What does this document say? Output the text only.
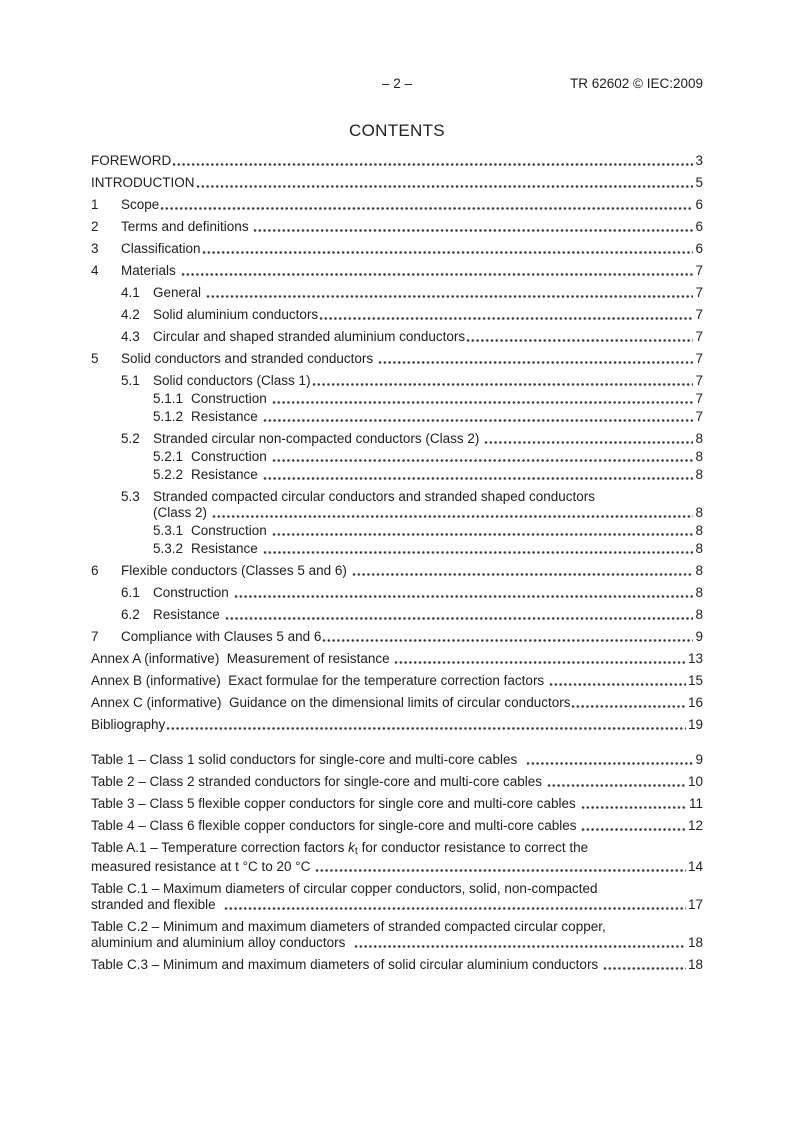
– 2 –	TR 62602 © IEC:2009
CONTENTS
FOREWORD	3
INTRODUCTION	5
1	Scope	6
2	Terms and definitions	6
3	Classification	6
4	Materials	7
4.1 General	7
4.2 Solid aluminium conductors	7
4.3 Circular and shaped stranded aluminium conductors	7
5	Solid conductors and stranded conductors	7
5.1 Solid conductors (Class 1)	7
5.1.1 Construction	7
5.1.2 Resistance	7
5.2 Stranded circular non-compacted conductors (Class 2)	8
5.2.1 Construction	8
5.2.2 Resistance	8
5.3 Stranded compacted circular conductors and stranded shaped conductors
(Class 2)	8
5.3.1 Construction	8
5.3.2 Resistance	8
6	Flexible conductors (Classes 5 and 6)	8
6.1 Construction	8
6.2 Resistance	8
7	Compliance with Clauses 5 and 6	9
Annex A (informative)  Measurement of resistance	13
Annex B (informative)  Exact formulae for the temperature correction factors	15
Annex C (informative)  Guidance on the dimensional limits of circular conductors	16
Bibliography	19
Table 1 – Class 1 solid conductors for single-core and multi-core cables	9
Table 2 – Class 2 stranded conductors for single-core and multi-core cables	10
Table 3 – Class 5 flexible copper conductors for single core and multi-core cables	11
Table 4 – Class 6 flexible copper conductors for single-core and multi-core cables	12
Table A.1 – Temperature correction factors kt for conductor resistance to correct the
measured resistance at t °C to 20 °C	14
Table C.1 – Maximum diameters of circular copper conductors, solid, non-compacted
stranded and flexible	17
Table C.2 – Minimum and maximum diameters of stranded compacted circular copper,
aluminium and aluminium alloy conductors	18
Table C.3 – Minimum and maximum diameters of solid circular aluminium conductors	18
